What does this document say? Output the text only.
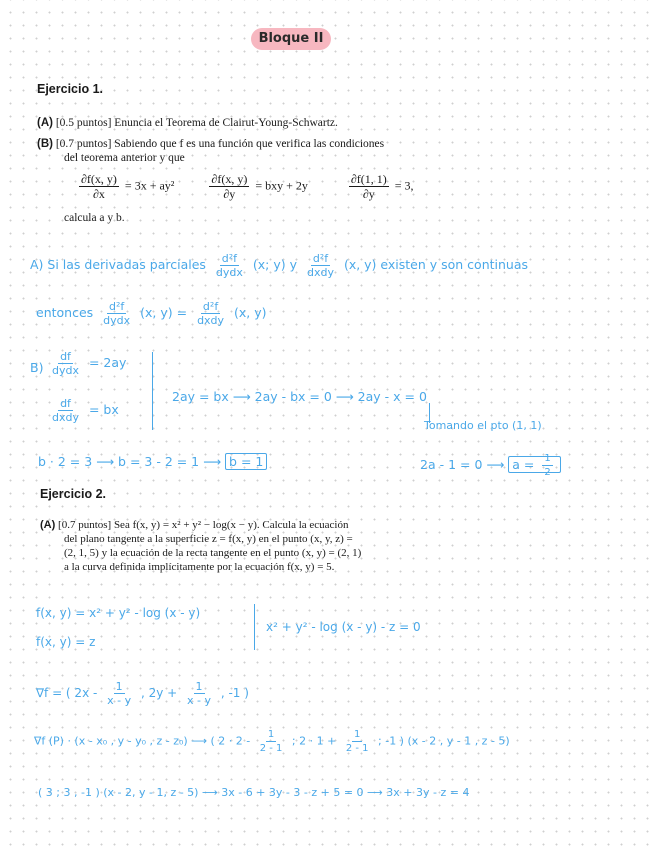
Bloque II
Ejercicio 1.
(A) [0.5 puntos] Enuncia el Teorema de Clairut-Young-Schwartz.
(B) [0.7 puntos] Sabiendo que f es una función que verifica las condiciones
del teorema anterior y que
$\frac{\partial f(x, y)}{\partial x} = 3x + ay^2$	$\frac{\partial f(x, y)}{\partial y}$ = bxy + 2y	$\frac{\partial f(1, 1)}{\partial y} = 3$,
calcula a y b.
A) Si las derivadas parciales $\frac{\text{d²f}}{\text{dydx}} (x$; y) y $\frac{\text{d²f}}{\text{dxdy}} (x$, y) existen y son continuas
entonces $\frac{\text{d²f}}{\text{dydx}} (x$, $y) = \frac{\text{d²f}}{\text{dxdy}} (x$, y)
$B) \frac{df}{\text{dydx}} = 2ay$
$\frac{df}{\text{dxdy}}$ = bx
2ay = bx ⟶ 2ay - bx = 0 ⟶ 2ay - x = 0
Tomando el pto (1, 1)
b · 2 = 3 ⟶ b = 3 - 2 = 1 ⟶ b = 1	2a - 1 = 0 ⟶ $a = \frac{1}{2}$
Ejercicio 2.
(A) [0.7 puntos] Sea f(x, y) = x² + y² − log(x − y). Calcula la ecuación
del plano tangente a la superficie z = f(x, y) en el punto (x, y, z) =
(2, 1, 5) y la ecuación de la recta tangente en el punto (x, y) = (2, 1)
a la curva definida implícitamente por la ecuación f(x, y) = 5.
f(x, y) = x² + y² - log (x - y)
f(x, y) = z
x² + y² - log (x - y) - z = 0
∇f = ( $2x - \frac{1}{x - y}$ , $2y + \frac{1}{x - y}$ , -1 )
∇f (P) · (x - x₀ , y - y₀ , z - z₀) ⟶ ( $2 \cdot 2 - \frac{1}{2 - 1}$ ; $2 \cdot 1 + \frac{1}{2 - 1}$ ; -1 ) (x - 2 , y - 1 , z - 5)
( 3 ; 3 , -1 ) (x - 2, y - 1, z - 5) ⟶ 3x - 6 + 3y - 3 - z + 5 = 0 ⟶ 3x + 3y - z = 4
